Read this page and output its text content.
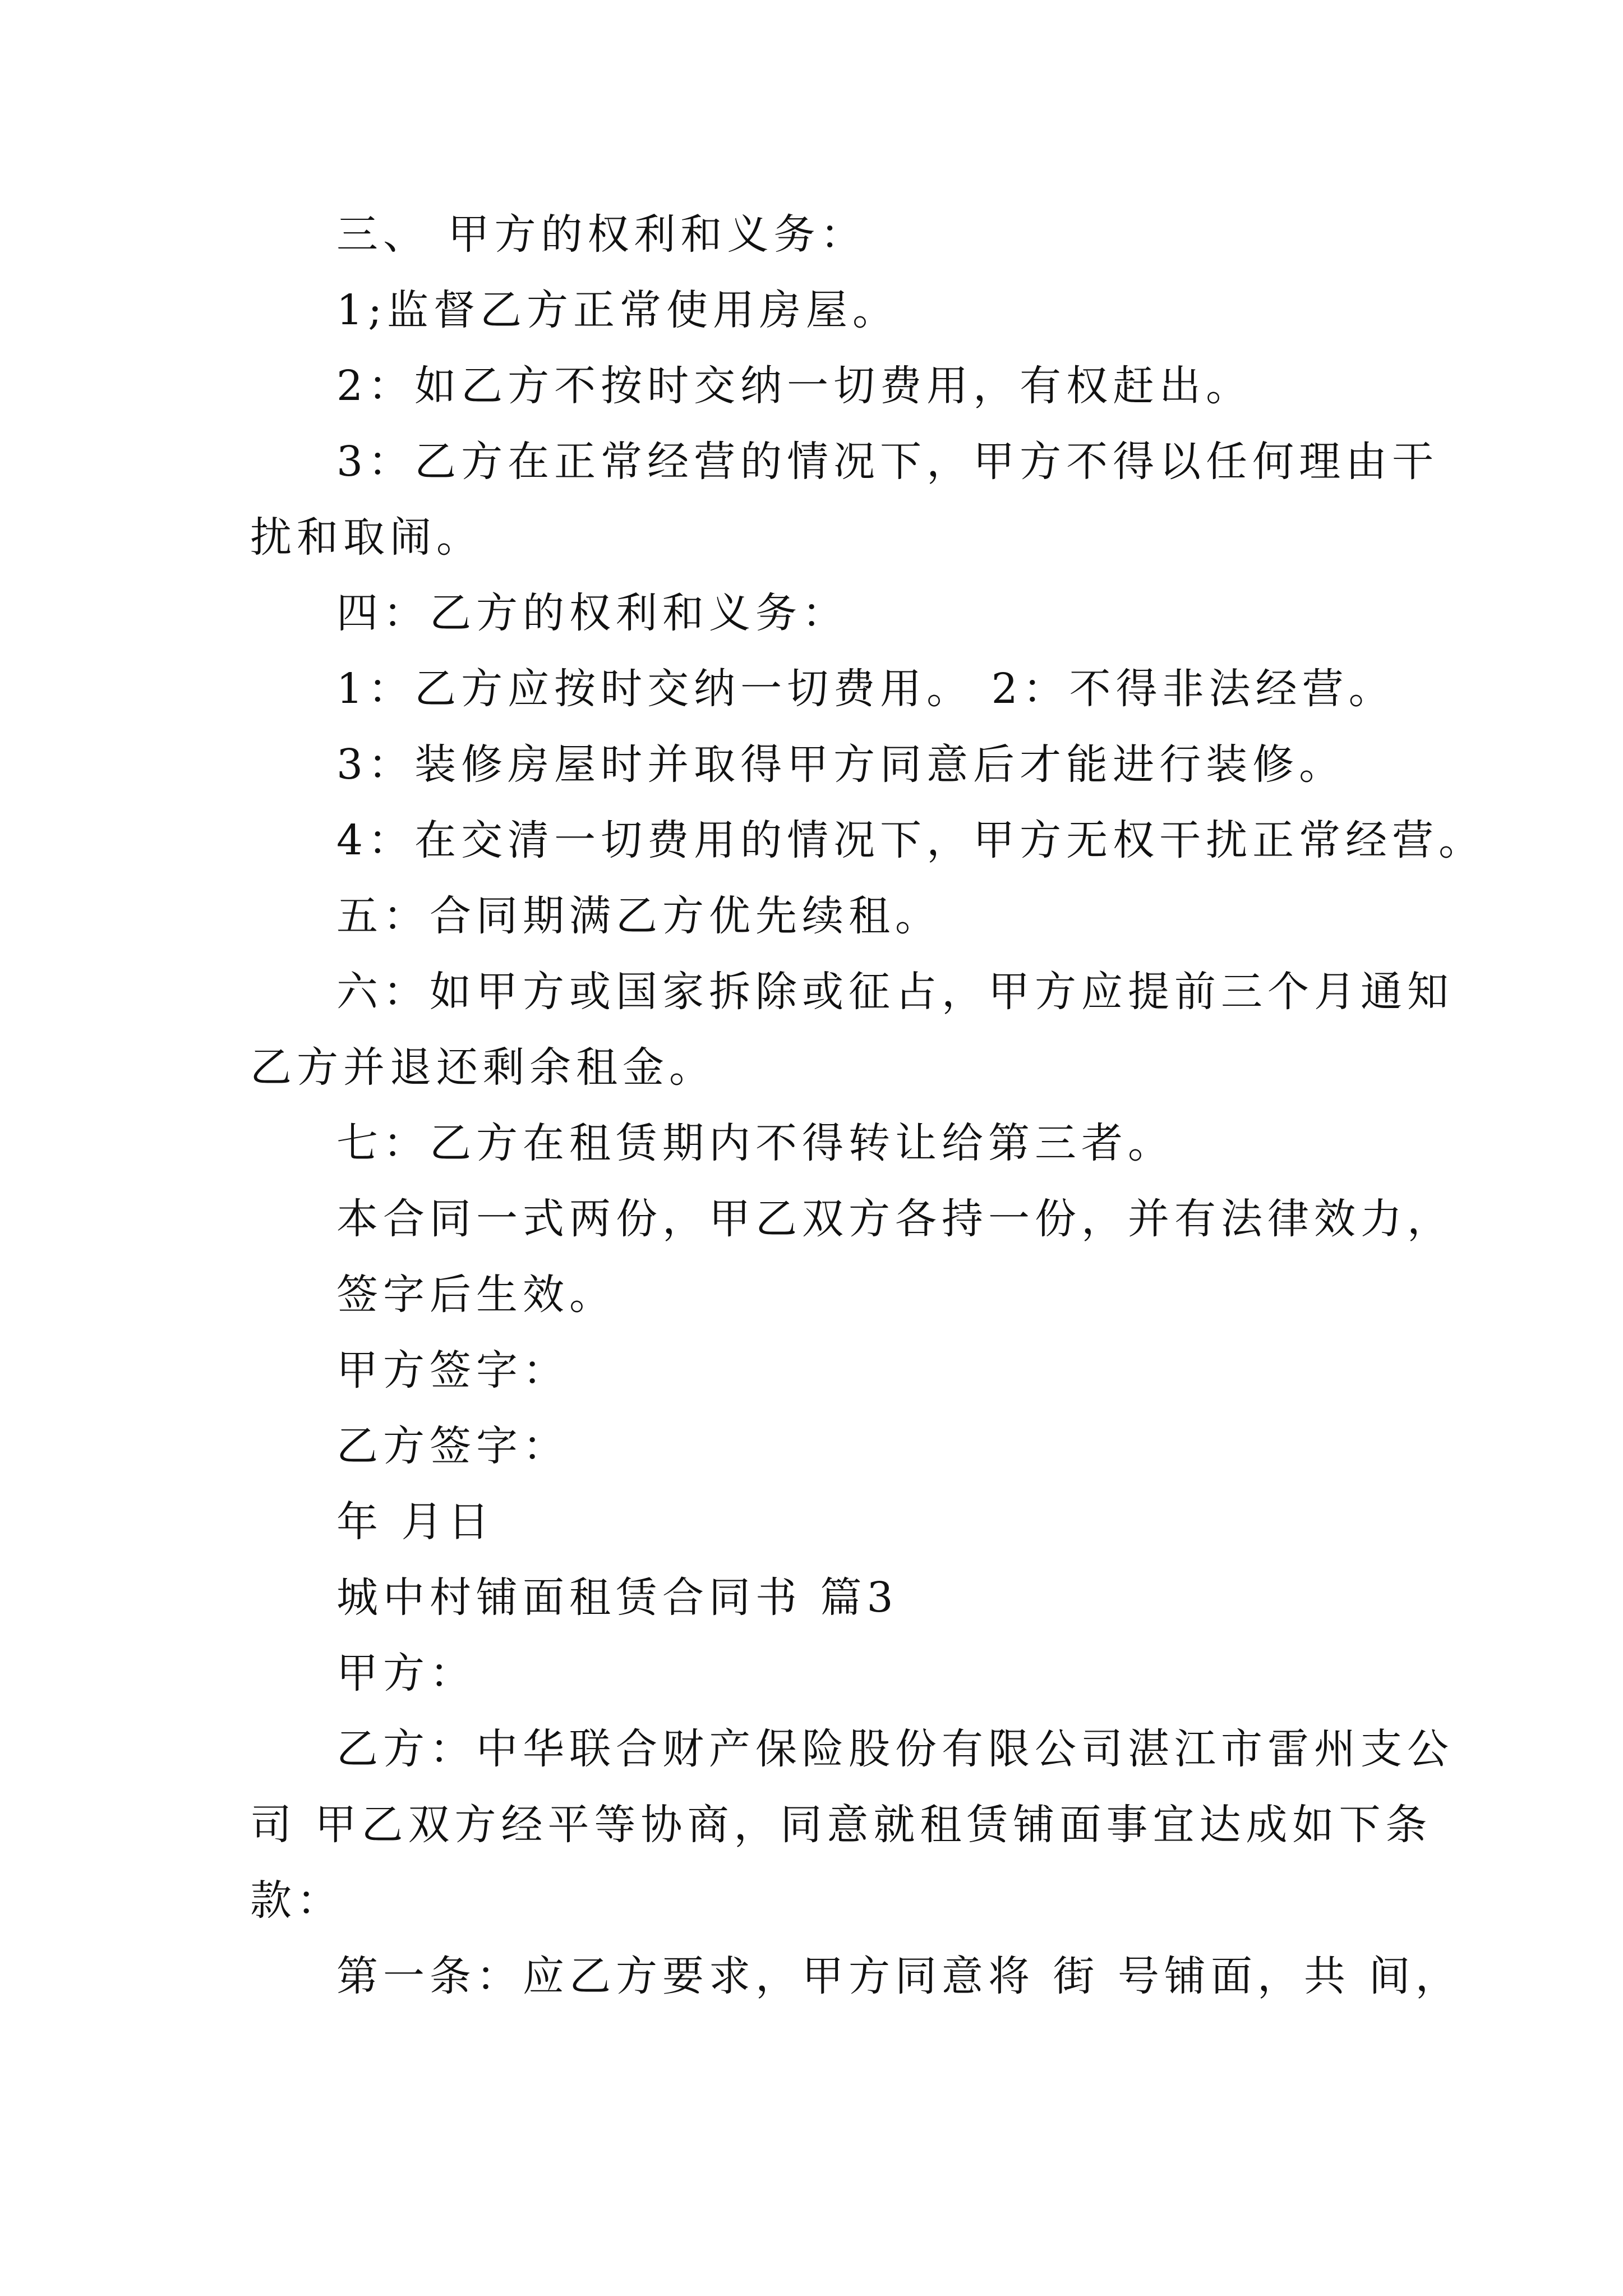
三、 甲方的权利和义务：
1;监督乙方正常使用房屋。
2：如乙方不按时交纳一切费用，有权赶出。
3：乙方在正常经营的情况下，甲方不得以任何理由干
扰和取闹。
四：乙方的权利和义务：
1：乙方应按时交纳一切费用。 2：不得非法经营。
3：装修房屋时并取得甲方同意后才能进行装修。
4：在交清一切费用的情况下，甲方无权干扰正常经营。
五：合同期满乙方优先续租。
六：如甲方或国家拆除或征占，甲方应提前三个月通知
乙方并退还剩余租金。
七：乙方在租赁期内不得转让给第三者。
本合同一式两份，甲乙双方各持一份，并有法律效力，
签字后生效。
甲方签字：
乙方签字：
年 月日
城中村铺面租赁合同书 篇3
甲方：
乙方：中华联合财产保险股份有限公司湛江市雷州支公
司 甲乙双方经平等协商，同意就租赁铺面事宜达成如下条
款：
第一条：应乙方要求，甲方同意将 街 号铺面，共 间，
